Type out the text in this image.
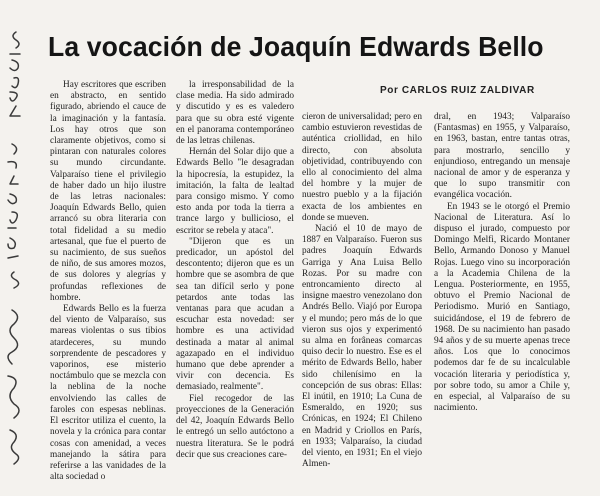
La vocación de Joaquín Edwards Bello
Por CARLOS RUIZ ZALDIVAR

Hay escritores que escriben en abstracto, en sentido figurado, abriendo el cauce de la imaginación y la fantasía. Los hay otros que son claramente objetivos, como si pintaran con naturales colores su mundo circundante. Valparaíso tiene el privilegio de haber dado un hijo ilustre de las letras nacionales: Joaquín Edwards Bello, quien arrancó su obra literaria con total fidelidad a su medio artesanal, que fue el puerto de su nacimiento, de sus sueños de niño, de sus amores mozos, de sus dolores y alegrías y profundas reflexiones de hombre.

Edwards Bello es la fuerza del viento de Valparaíso, sus mareas violentas o sus tibios atardeceres, su mundo sorprendente de pescadores y vaporinos, ese misterio noctámbulo que se mezcla con la neblina de la noche envolviendo las calles de faroles con espesas neblinas. El escritor utiliza el cuento, la novela y la crónica para contar cosas con amenidad, a veces manejando la sátira para referirse a las vanidades de la alta sociedad o

la irresponsabilidad de la clase media. Ha sido admirado y discutido y es es valedero para que su obra esté vigente en el panorama contemporáneo de las letras chilenas.

Hernán del Solar dijo que a Edwards Bello "le desagradan la hipocresía, la estupidez, la imitación, la falta de lealtad para consigo mismo. Y como esto anda por toda la tierra a trance largo y bullicioso, el escritor se rebela y ataca".

"Dijeron que es un predicador, un apóstol del descontento; dijeron que es un hombre que se asombra de que sea tan difícil serlo y pone petardos ante todas las ventanas para que acudan a escuchar esta novedad: ser hombre es una actividad destinada a matar al animal agazapado en el individuo humano que debe aprender a vivir con decencia. Es demasiado, realmente".

Fiel recogedor de las proyecciones de la Generación del 42, Joaquín Edwards Bello le entregó un sello autóctono a nuestra literatura. Se le podrá decir que sus creaciones care-

cieron de universalidad; pero en cambio estuvieron revestidas de auténtica criollidad, en hilo directo, con absoluta objetividad, contribuyendo con ello al conocimiento del alma del hombre y la mujer de nuestro pueblo y a la fijación exacta de los ambientes en donde se mueven.

Nació el 10 de mayo de 1887 en Valparaíso. Fueron sus padres Joaquín Edwards Garriga y Ana Luisa Bello Rozas. Por su madre con entroncamiento directo al insigne maestro venezolano don Andrés Bello. Viajó por Europa y el mundo; pero más de lo que vieron sus ojos y experimentó su alma en forâneas comarcas quiso decir lo nuestro. Ese es el mérito de Edwards Bello, haber sido chilenísimo en la concepción de sus obras: Ellas: El inútil, en 1910; La Cuna de Esmeraldo, en 1920; sus Crónicas, en 1924; El Chileno en Madrid y Criollos en París, en 1933; Valparaíso, la ciudad del viento, en 1931; En el viejo Almen-

dral, en 1943; Valparaíso (Fantasmas) en 1955, y Valparaíso, en 1963, bastan, entre tantas otras, para mostrarlo, sencillo y enjundioso, entregando un mensaje nacional de amor y de esperanza y que lo supo transmitir con evangélica vocación.

En 1943 se le otorgó el Premio Nacional de Literatura. Así lo dispuso el jurado, compuesto por Domingo Melfi, Ricardo Montaner Bello, Armando Donoso y Manuel Rojas. Luego vino su incorporación a la Academia Chilena de la Lengua. Posteriormente, en 1955, obtuvo el Premio Nacional de Periodismo. Murió en Santiago, suicidándose, el 19 de febrero de 1968. De su nacimiento han pasado 94 años y de su muerte apenas trece años. Los que lo conocimos podemos dar fe de su incalculable vocación literaria y periodística y, por sobre todo, su amor a Chile y, en especial, al Valparaíso de su nacimiento.
